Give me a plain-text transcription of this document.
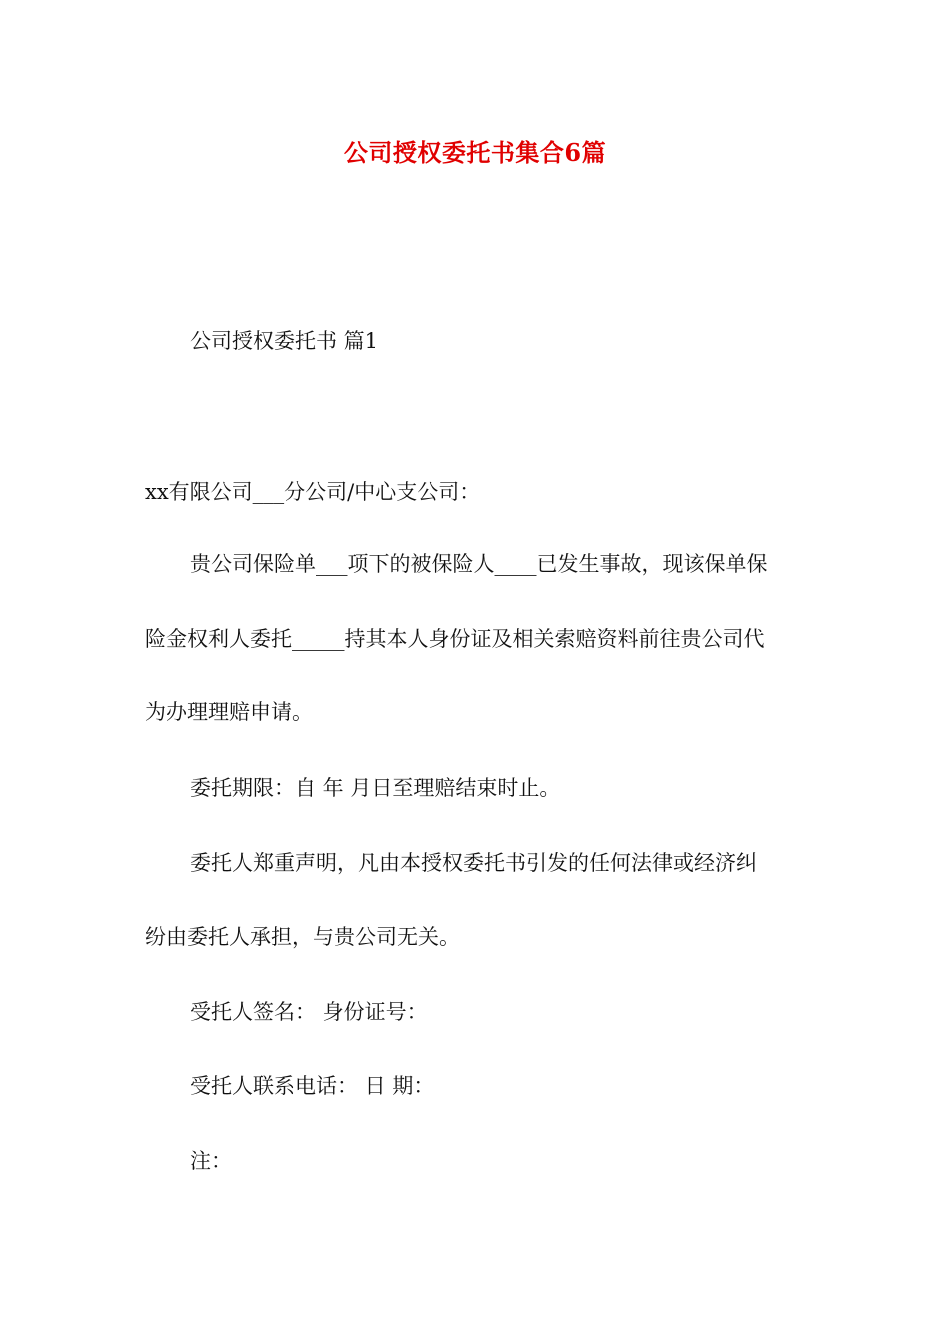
公司授权委托书集合6篇
公司授权委托书 篇1
xx有限公司___分公司/中心支公司：
贵公司保险单___项下的被保险人____已发生事故，现该保单保
险金权利人委托_____持其本人身份证及相关索赔资料前往贵公司代
为办理理赔申请。
委托期限：自 年 月日至理赔结束时止。
委托人郑重声明，凡由本授权委托书引发的任何法律或经济纠
纷由委托人承担，与贵公司无关。
受托人签名： 身份证号：
受托人联系电话： 日 期：
注：
